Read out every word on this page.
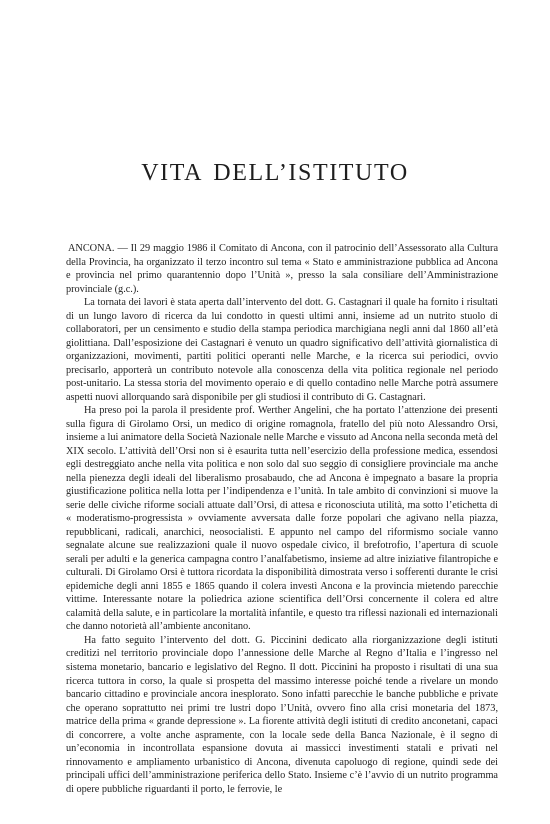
VITA DELL’ISTITUTO

ANCONA. — Il 29 maggio 1986 il Comitato di Ancona, con il patrocinio dell’Assessorato alla Cultura della Provincia, ha organizzato il terzo incontro sul tema « Stato e amministrazione pubblica ad Ancona e provincia nel primo quarantennio dopo l’Unità », presso la sala consiliare dell’Amministrazione provinciale (g.c.).

La tornata dei lavori è stata aperta dall’intervento del dott. G. Castagnari il quale ha fornito i risultati di un lungo lavoro di ricerca da lui condotto in questi ultimi anni, insieme ad un nutrito stuolo di collaboratori, per un censimento e studio della stampa periodica marchigiana negli anni dal 1860 all’età giolittiana. Dall’esposizione dei Castagnari è venuto un quadro significativo dell’attività giornalistica di organizzazioni, movimenti, partiti politici operanti nelle Marche, e la ricerca sui periodici, ovvio precisarlo, apporterà un contributo notevole alla conoscenza della vita politica regionale nel periodo post-unitario. La stessa storia del movimento operaio e di quello contadino nelle Marche potrà assumere aspetti nuovi allorquando sarà disponibile per gli studiosi il contributo di G. Castagnari.

Ha preso poi la parola il presidente prof. Werther Angelini, che ha portato l’attenzione dei presenti sulla figura di Girolamo Orsi, un medico di origine romagnola, fratello del più noto Alessandro Orsi, insieme a lui animatore della Società Nazionale nelle Marche e vissuto ad Ancona nella seconda metà del XIX secolo. L’attività dell’Orsi non si è esaurita tutta nell’esercizio della professione medica, essendosi egli destreggiato anche nella vita politica e non solo dal suo seggio di consigliere provinciale ma anche nella pienezza degli ideali del liberalismo prosabaudo, che ad Ancona è impegnato a basare la propria giustificazione politica nella lotta per l’indipendenza e l’unità. In tale ambito di convinzioni si muove la serie delle civiche riforme sociali attuate dall’Orsi, di attesa e riconosciuta utilità, ma sotto l’etichetta di « moderatismo-progressista » ovviamente avversata dalle forze popolari che agivano nella piazza, repubblicani, radicali, anarchici, neosocialisti. E appunto nel campo del riformismo sociale vanno segnalate alcune sue realizzazioni quale il nuovo ospedale civico, il brefotrofio, l’apertura di scuole serali per adulti e la generica campagna contro l’analfabetismo, insieme ad altre iniziative filantropiche e culturali. Di Girolamo Orsi è tuttora ricordata la disponibilità dimostrata verso i sofferenti durante le crisi epidemiche degli anni 1855 e 1865 quando il colera investì Ancona e la provincia mietendo parecchie vittime. Interessante notare la poliedrica azione scientifica dell’Orsi concernente il colera ed altre calamità della salute, e in particolare la mortalità infantile, e questo tra riflessi nazionali ed internazionali che danno notorietà all’ambiente anconitano.

Ha fatto seguito l’intervento del dott. G. Piccinini dedicato alla riorganizzazione degli istituti creditizi nel territorio provinciale dopo l’annessione delle Marche al Regno d’Italia e l’ingresso nel sistema monetario, bancario e legislativo del Regno. Il dott. Piccinini ha proposto i risultati di una sua ricerca tuttora in corso, la quale si prospetta del massimo interesse poiché tende a rivelare un mondo bancario cittadino e provinciale ancora inesplorato. Sono infatti parecchie le banche pubbliche e private che operano soprattutto nei primi tre lustri dopo l’Unità, ovvero fino alla crisi monetaria del 1873, matrice della prima « grande depressione ». La fiorente attività degli istituti di credito anconetani, capaci di concorrere, a volte anche aspramente, con la locale sede della Banca Nazionale, è il segno di un’economia in incontrollata espansione dovuta ai massicci investimenti statali e privati nel rinnovamento e ampliamento urbanistico di Ancona, divenuta capoluogo di regione, quindi sede dei principali uffici dell’amministrazione periferica dello Stato. Insieme c’è l’avvio di un nutrito programma di opere pubbliche riguardanti il porto, le ferrovie, le
